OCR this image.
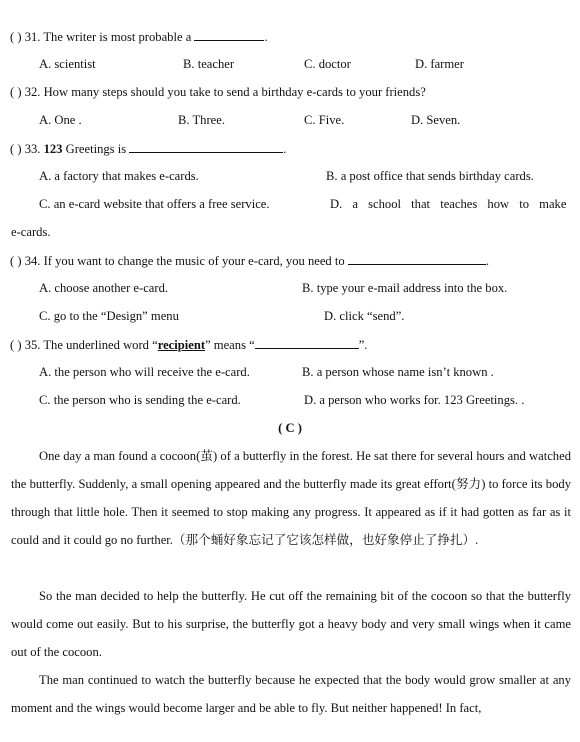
( ) 31. The writer is most probable a	.
A. scientist	B. teacher	C. doctor	D. farmer
( ) 32. How many steps should you take to send a birthday e-cards to your friends?
A. One .	B. Three.	C. Five.	D. Seven.
( ) 33. 123 Greetings is	.
A. a factory that makes e-cards.	B. a post office that sends birthday cards.
C. an e-card website that offers a free service.	D. a school that teaches how to make
e-cards.
( ) 34. If you want to change the music of your e-card, you need to	.
A. choose another e-card.	B. type your e-mail address into the box.
C. go to the “Design” menu	D. click “send”.
( ) 35. The underlined word “recipient” means “	”.
A. the person who will receive the e-card.	B. a person whose name isn’t known .
C. the person who is sending the e-card.	D. a person who works for. 123 Greetings. .
( C )
One day a man found a cocoon(茧) of a butterfly in the forest. He sat there for several hours and watched the butterfly. Suddenly, a small opening appeared and the butterfly made its great effort(努力) to force its body through that little hole. Then it seemed to stop making any progress. It appeared as if it had gotten as far as it could and it could go no further.（那个蛹好象忘记了它该怎样做，也好象停止了挣扎）.
So the man decided to help the butterfly. He cut off the remaining bit of the cocoon so that the butterfly would come out easily. But to his surprise, the butterfly got a heavy body and very small wings when it came out of the cocoon.
The man continued to watch the butterfly because he expected that the body would grow smaller at any moment and the wings would become larger and be able to fly. But neither happened! In fact,
